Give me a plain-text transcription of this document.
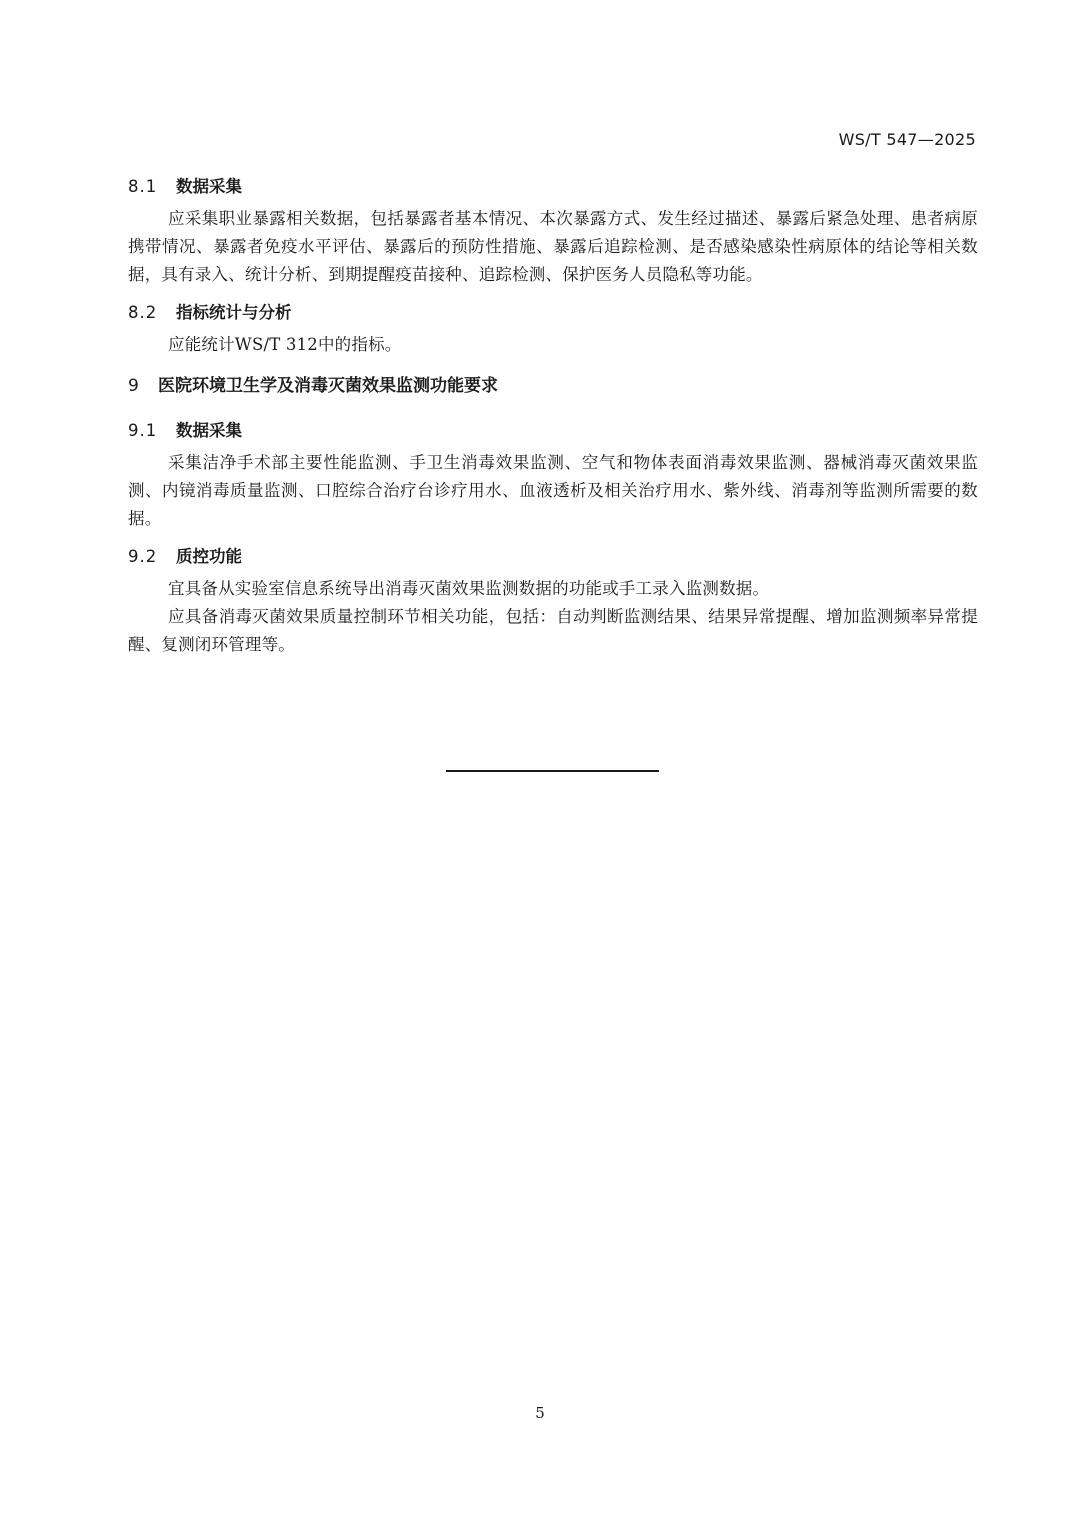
WS/T 547—2025
8.1 数据采集

应采集职业暴露相关数据，包括暴露者基本情况、本次暴露方式、发生经过描述、暴露后紧急处理、患者病原携带情况、暴露者免疫水平评估、暴露后的预防性措施、暴露后追踪检测、是否感染感染性病原体的结论等相关数据，具有录入、统计分析、到期提醒疫苗接种、追踪检测、保护医务人员隐私等功能。

8.2 指标统计与分析

应能统计WS/T 312中的指标。

9 医院环境卫生学及消毒灭菌效果监测功能要求
9.1 数据采集

采集洁净手术部主要性能监测、手卫生消毒效果监测、空气和物体表面消毒效果监测、器械消毒灭菌效果监测、内镜消毒质量监测、口腔综合治疗台诊疗用水、血液透析及相关治疗用水、紫外线、消毒剂等监测所需要的数据。

9.2 质控功能

宜具备从实验室信息系统导出消毒灭菌效果监测数据的功能或手工录入监测数据。

应具备消毒灭菌效果质量控制环节相关功能，包括：自动判断监测结果、结果异常提醒、增加监测频率异常提醒、复测闭环管理等。

5
